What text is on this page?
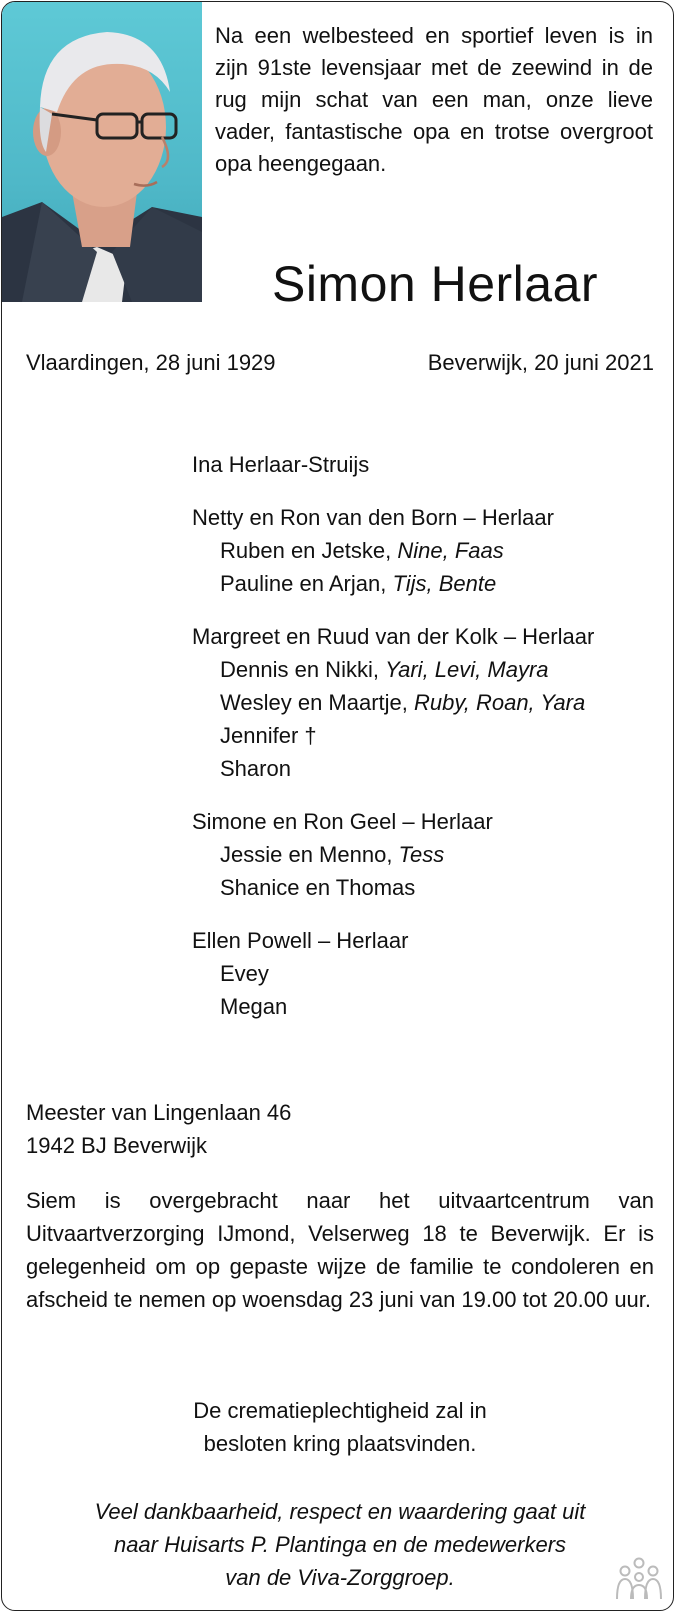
Na een welbesteed en sportief leven is in zijn 91ste levensjaar met de zeewind in de rug mijn schat van een man, onze lieve vader, fantastische opa en trotse overgroot opa heengegaan.

Simon Herlaar
Vlaardingen, 28 juni 1929	Beverwijk, 20 juni 2021
Ina Herlaar-Struijs
Netty en Ron van den Born – Herlaar
Ruben en Jetske, Nine, Faas
Pauline en Arjan, Tijs, Bente
Margreet en Ruud van der Kolk – Herlaar
Dennis en Nikki, Yari, Levi, Mayra
Wesley en Maartje, Ruby, Roan, Yara
Jennifer †
Sharon
Simone en Ron Geel – Herlaar
Jessie en Menno, Tess
Shanice en Thomas
Ellen Powell – Herlaar
Evey
Megan
Meester van Lingenlaan 46
1942 BJ Beverwijk

Siem is overgebracht naar het uitvaartcentrum van Uitvaartverzorging IJmond, Velserweg 18 te Beverwijk. Er is gelegenheid om op gepaste wijze de familie te condoleren en afscheid te nemen op woensdag 23 juni van 19.00 tot 20.00 uur.

De crematieplechtigheid zal in
besloten kring plaatsvinden.
Veel dankbaarheid, respect en waardering gaat uit
naar Huisarts P. Plantinga en de medewerkers
van de Viva-Zorggroep.
